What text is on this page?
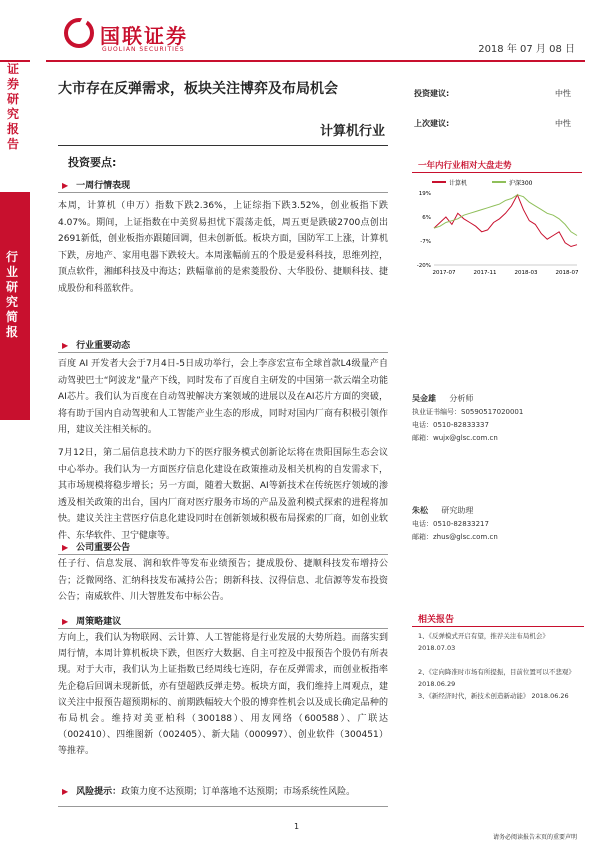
国联证券
GUOLIAN SECURITIES	2018 年 07 月 08 日
证券研究报告
行业研究简报
大市存在反弹需求，板块关注博弈及布局机会
计算机行业
投资建议:	中性
上次建议:	中性
投资要点:
▶ 一周行情表现
本周，计算机（申万）指数下跌2.36%，上证综指下跌3.52%，创业板指下跌4.07%。期间，上证指数在中美贸易担忧下震荡走低，周五更是跌破2700点创出2691新低，创业板指亦跟随回调，但未创新低。板块方面，国防军工上涨，计算机下跌，房地产、家用电器下跌较大。本周涨幅前五的个股是爱科科技，思维列控，顶点软件，湘邮科技及中海达；跌幅靠前的是索菱股份、大华股份、捷顺科技、捷成股份和科蓝软件。
▶ 行业重要动态
百度 AI 开发者大会于7月4日-5日成功举行，会上李彦宏宣布全球首款L4级量产自动驾驶巴士“阿波龙”量产下线，同时发布了百度自主研发的中国第一款云端全功能AI芯片。我们认为百度在自动驾驶解决方案领域的进展以及在AI芯片方面的突破，将有助于国内自动驾驶和人工智能产业生态的形成，同时对国内厂商有积极引领作用，建议关注相关标的。
7月12日，第二届信息技术助力下的医疗服务模式创新论坛将在贵阳国际生态会议中心举办。我们认为一方面医疗信息化建设在政策推动及相关机构的自发需求下，其市场规模将稳步增长；另一方面，随着大数据、AI等新技术在传统医疗领域的渗透及相关政策的出台，国内厂商对医疗服务市场的产品及盈利模式探索的进程将加快。建议关注主营医疗信息化建设同时在创新领域积极布局探索的厂商，如创业软件、东华软件、卫宁健康等。
▶ 公司重要公告
任子行、信息发展、润和软件等发布业绩预告；捷成股份、捷顺科技发布增持公告；泛微网络、汇纳科技发布减持公告；朗新科技、汉得信息、北信源等发布投资公告；南威软件、川大智胜发布中标公告。
▶ 周策略建议
方向上，我们认为物联网、云计算、人工智能将是行业发展的大势所趋。而落实到周行情，本周计算机板块下跌，但医疗大数据、自主可控及中报预告个股仍有所表现。对于大市，我们认为上证指数已经周线七连阴，存在反弹需求，而创业板指率先企稳后回调未现新低，亦有望超跌反弹走势。板块方面，我们维持上周观点，建议关注中报预告超预期标的、前期跌幅较大个股的博弈性机会以及成长确定品种的布局机会。维持对美亚柏科（300188）、用友网络（600588）、广联达（002410）、四维图新（002405）、新大陆（000997）、创业软件（300451）等推荐。
▶ 风险提示：政策力度不达预期；订单落地不达预期；市场系统性风险。
一年内行业相对大盘走势
计算机	沪深300
19%
6%
-7%
-20%
2017-07	2017-11	2018-03	2018-07
吴金雄 分析师
执业证书编号：S0590517020001
电话：0510-82833337
邮箱：wujx@glsc.com.cn
朱松 研究助理
电话：0510-82833217
邮箱：zhus@glsc.com.cn
相关报告
1、《反弹模式开启有望，推荐关注布局机会》 2018.07.03
2、《定向降准时市场有所提振，目前位置可以不悲观》
2018.06.29
3、《新经济时代，新技术创造新动能》 2018.06.26
1
请务必阅读报告末页的重要声明
